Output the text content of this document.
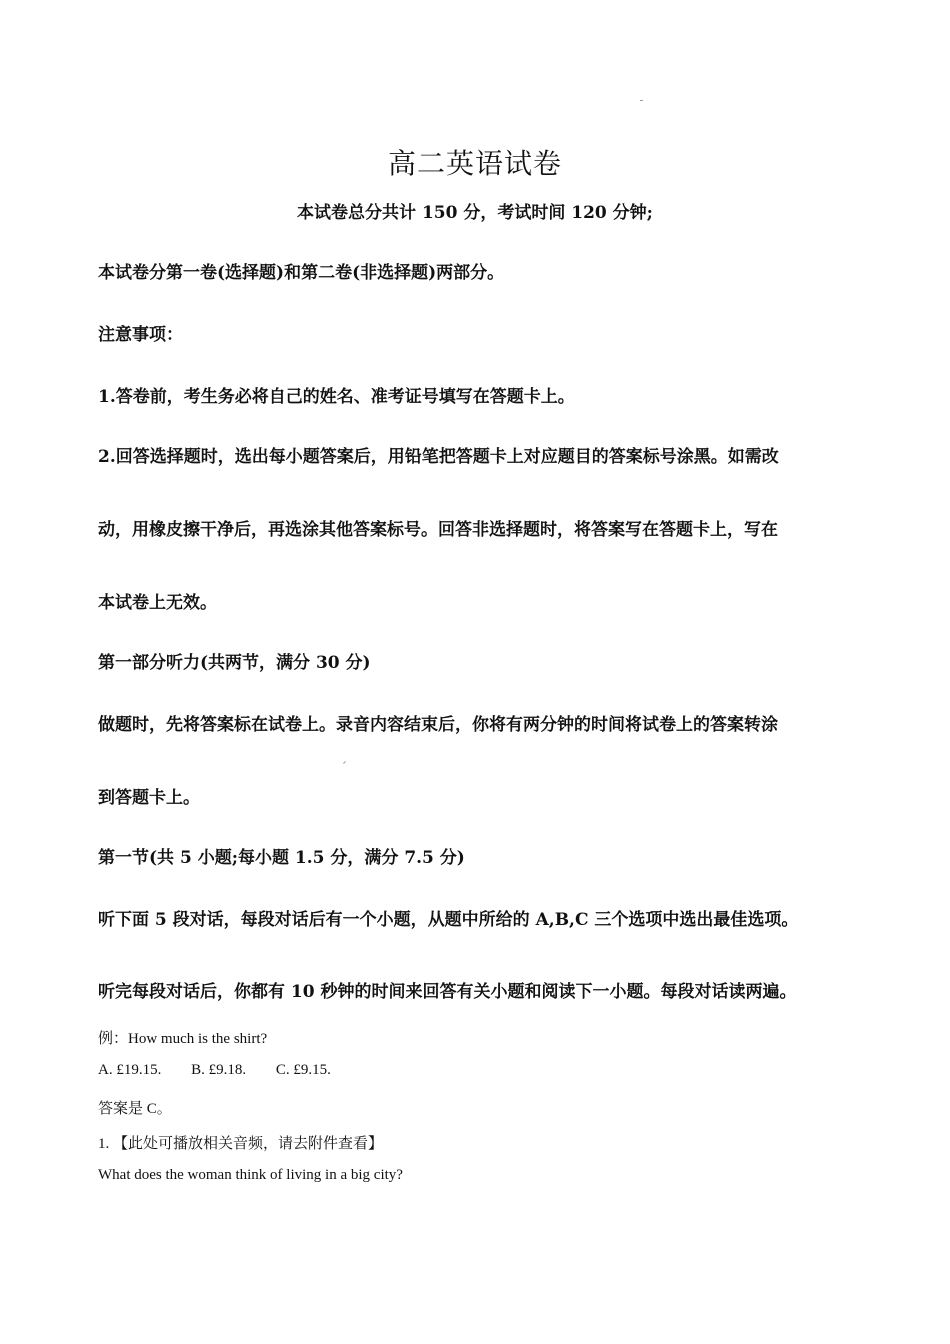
高二英语试卷
本试卷总分共计 150 分，考试时间 120 分钟;
本试卷分第一卷(选择题)和第二卷(非选择题)两部分。
注意事项：
1.答卷前，考生务必将自己的姓名、准考证号填写在答题卡上。
2.回答选择题时，选出每小题答案后，用铅笔把答题卡上对应题目的答案标号涂黑。如需改
动，用橡皮擦干净后，再选涂其他答案标号。回答非选择题时，将答案写在答题卡上，写在
本试卷上无效。
第一部分听力(共两节，满分 30 分)
做题时，先将答案标在试卷上。录音内容结束后，你将有两分钟的时间将试卷上的答案转涂
到答题卡上。
第一节(共 5 小题;每小题 1.5 分，满分 7.5 分)
听下面 5 段对话，每段对话后有一个小题，从题中所给的 A,B,C 三个选项中选出最佳选项。
听完每段对话后，你都有 10 秒钟的时间来回答有关小题和阅读下一小题。每段对话读两遍。
例：How much is the shirt?
A. £19.15. B. £9.18. C. £9.15.
答案是 C。
1. 【此处可播放相关音频，请去附件查看】
What does the woman think of living in a big city?
